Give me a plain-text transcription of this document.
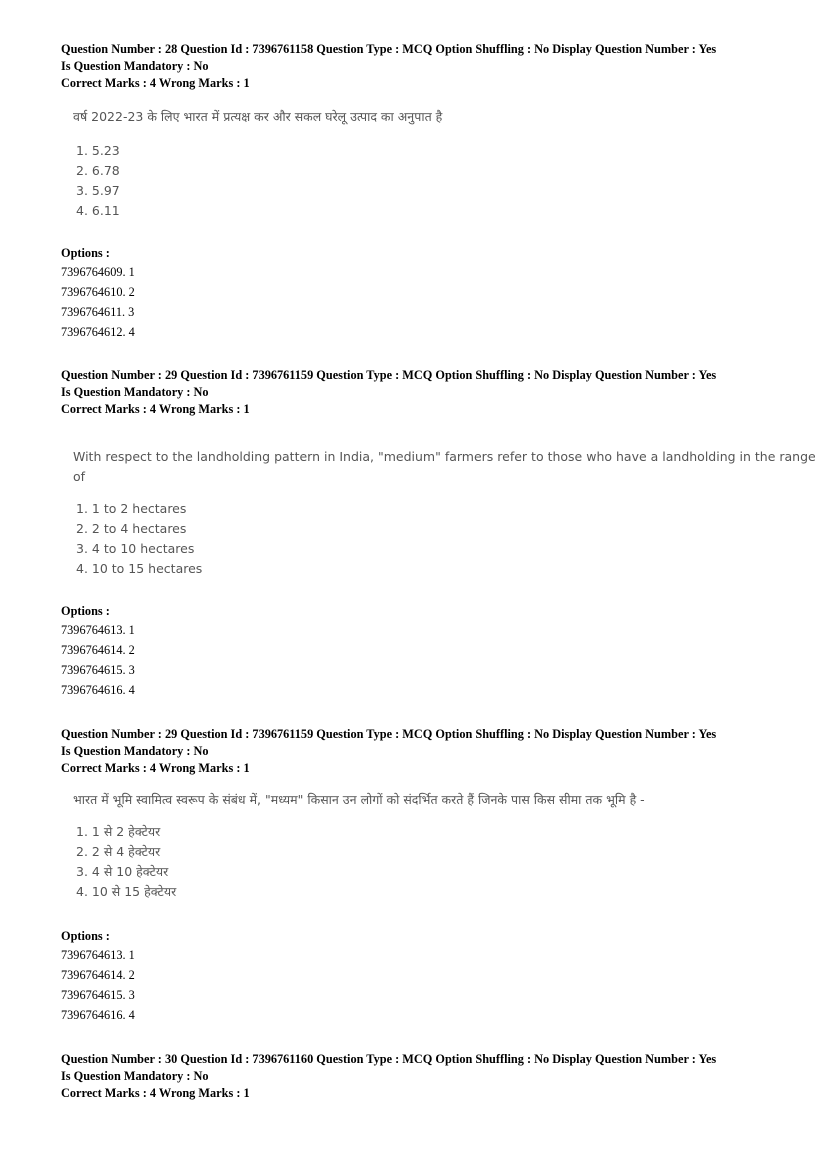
Question Number : 28 Question Id : 7396761158 Question Type : MCQ Option Shuffling : No Display Question Number : Yes

Is Question Mandatory : No

Correct Marks : 4 Wrong Marks : 1

वर्ष 2022-23 के लिए भारत में प्रत्यक्ष कर और सकल घरेलू उत्पाद का अनुपात है

1. 5.23

2. 6.78

3. 5.97

4. 6.11

Options :
7396764609. 1
7396764610. 2
7396764611. 3
7396764612. 4

Question Number : 29 Question Id : 7396761159 Question Type : MCQ Option Shuffling : No Display Question Number : Yes

Is Question Mandatory : No

Correct Marks : 4 Wrong Marks : 1

With respect to the landholding pattern in India, "medium" farmers refer to those who have a landholding in the range

of

1. 1 to 2 hectares

2. 2 to 4 hectares

3. 4 to 10 hectares

4. 10 to 15 hectares

Options :
7396764613. 1
7396764614. 2
7396764615. 3
7396764616. 4

Question Number : 29 Question Id : 7396761159 Question Type : MCQ Option Shuffling : No Display Question Number : Yes

Is Question Mandatory : No

Correct Marks : 4 Wrong Marks : 1

भारत में भूमि स्वामित्व स्वरूप के संबंध में, "मध्यम" किसान उन लोगों को संदर्भित करते हैं जिनके पास किस सीमा तक भूमि है -

1. 1 से 2 हेक्टेयर

2. 2 से 4 हेक्टेयर

3. 4 से 10 हेक्टेयर

4. 10 से 15 हेक्टेयर

Options :
7396764613. 1
7396764614. 2
7396764615. 3
7396764616. 4

Question Number : 30 Question Id : 7396761160 Question Type : MCQ Option Shuffling : No Display Question Number : Yes

Is Question Mandatory : No

Correct Marks : 4 Wrong Marks : 1
